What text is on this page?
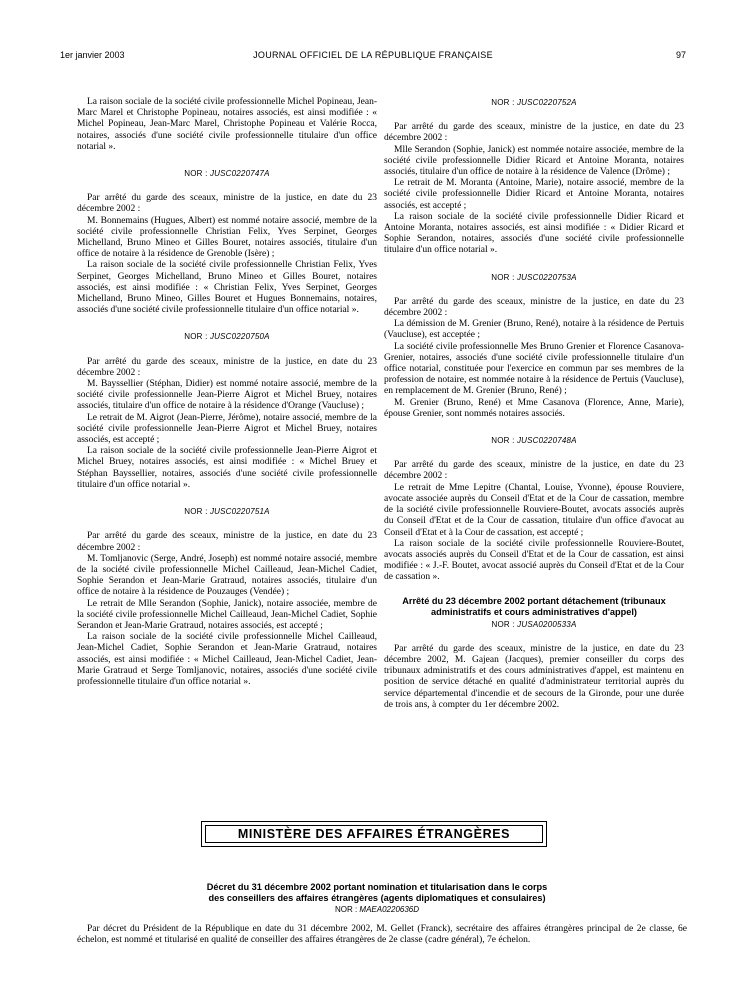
1er janvier 2003	JOURNAL OFFICIEL DE LA RÉPUBLIQUE FRANÇAISE	97

La raison sociale de la société civile professionnelle Michel Popineau, Jean-Marc Marel et Christophe Popineau, notaires associés, est ainsi modifiée : « Michel Popineau, Jean-Marc Marel, Christophe Popineau et Valérie Rocca, notaires, associés d'une société civile professionnelle titulaire d'un office notarial ».

NOR : JUSC0220747A

Par arrêté du garde des sceaux, ministre de la justice, en date du 23 décembre 2002 :

M. Bonnemains (Hugues, Albert) est nommé notaire associé, membre de la société civile professionnelle Christian Felix, Yves Serpinet, Georges Michelland, Bruno Mineo et Gilles Bouret, notaires associés, titulaire d'un office de notaire à la résidence de Grenoble (Isère) ;

La raison sociale de la société civile professionnelle Christian Felix, Yves Serpinet, Georges Michelland, Bruno Mineo et Gilles Bouret, notaires associés, est ainsi modifiée : « Christian Felix, Yves Serpinet, Georges Michelland, Bruno Mineo, Gilles Bouret et Hugues Bonnemains, notaires, associés d'une société civile professionnelle titulaire d'un office notarial ».

NOR : JUSC0220750A

Par arrêté du garde des sceaux, ministre de la justice, en date du 23 décembre 2002 :

M. Bayssellier (Stéphan, Didier) est nommé notaire associé, membre de la société civile professionnelle Jean-Pierre Aigrot et Michel Bruey, notaires associés, titulaire d'un office de notaire à la résidence d'Orange (Vaucluse) ;

Le retrait de M. Aigrot (Jean-Pierre, Jérôme), notaire associé, membre de la société civile professionnelle Jean-Pierre Aigrot et Michel Bruey, notaires associés, est accepté ;

La raison sociale de la société civile professionnelle Jean-Pierre Aigrot et Michel Bruey, notaires associés, est ainsi modifiée : « Michel Bruey et Stéphan Bayssellier, notaires, associés d'une société civile professionnelle titulaire d'un office notarial ».

NOR : JUSC0220751A

Par arrêté du garde des sceaux, ministre de la justice, en date du 23 décembre 2002 :

M. Tomljanovic (Serge, André, Joseph) est nommé notaire associé, membre de la société civile professionnelle Michel Cailleaud, Jean-Michel Cadiet, Sophie Serandon et Jean-Marie Gratraud, notaires associés, titulaire d'un office de notaire à la résidence de Pouzauges (Vendée) ;

Le retrait de Mlle Serandon (Sophie, Janick), notaire associée, membre de la société civile professionnelle Michel Cailleaud, Jean-Michel Cadiet, Sophie Serandon et Jean-Marie Gratraud, notaires associés, est accepté ;

La raison sociale de la société civile professionnelle Michel Cailleaud, Jean-Michel Cadiet, Sophie Serandon et Jean-Marie Gratraud, notaires associés, est ainsi modifiée : « Michel Cailleaud, Jean-Michel Cadiet, Jean-Marie Gratraud et Serge Tomljanovic, notaires, associés d'une société civile professionnelle titulaire d'un office notarial ».

NOR : JUSC0220752A

Par arrêté du garde des sceaux, ministre de la justice, en date du 23 décembre 2002 :

Mlle Serandon (Sophie, Janick) est nommée notaire associée, membre de la société civile professionnelle Didier Ricard et Antoine Moranta, notaires associés, titulaire d'un office de notaire à la résidence de Valence (Drôme) ;

Le retrait de M. Moranta (Antoine, Marie), notaire associé, membre de la société civile professionnelle Didier Ricard et Antoine Moranta, notaires associés, est accepté ;

La raison sociale de la société civile professionnelle Didier Ricard et Antoine Moranta, notaires associés, est ainsi modifiée : « Didier Ricard et Sophie Serandon, notaires, associés d'une société civile professionnelle titulaire d'un office notarial ».

NOR : JUSC0220753A

Par arrêté du garde des sceaux, ministre de la justice, en date du 23 décembre 2002 :

La démission de M. Grenier (Bruno, René), notaire à la résidence de Pertuis (Vaucluse), est acceptée ;

La société civile professionnelle Mes Bruno Grenier et Florence Casanova-Grenier, notaires, associés d'une société civile professionnelle titulaire d'un office notarial, constituée pour l'exercice en commun par ses membres de la profession de notaire, est nommée notaire à la résidence de Pertuis (Vaucluse), en remplacement de M. Grenier (Bruno, René) ;

M. Grenier (Bruno, René) et Mme Casanova (Florence, Anne, Marie), épouse Grenier, sont nommés notaires associés.

NOR : JUSC0220748A

Par arrêté du garde des sceaux, ministre de la justice, en date du 23 décembre 2002 :

Le retrait de Mme Lepitre (Chantal, Louise, Yvonne), épouse Rouviere, avocate associée auprès du Conseil d'Etat et de la Cour de cassation, membre de la société civile professionnelle Rouviere-Boutet, avocats associés auprès du Conseil d'Etat et de la Cour de cassation, titulaire d'un office d'avocat au Conseil d'Etat et à la Cour de cassation, est accepté ;

La raison sociale de la société civile professionnelle Rouviere-Boutet, avocats associés auprès du Conseil d'Etat et de la Cour de cassation, est ainsi modifiée : « J.-F. Boutet, avocat associé auprès du Conseil d'Etat et de la Cour de cassation ».

Arrêté du 23 décembre 2002 portant détachement (tribunaux administratifs et cours administratives d'appel)
NOR : JUSA0200533A

Par arrêté du garde des sceaux, ministre de la justice, en date du 23 décembre 2002, M. Gajean (Jacques), premier conseiller du corps des tribunaux administratifs et des cours administratives d'appel, est maintenu en position de service détaché en qualité d'administrateur territorial auprès du service départemental d'incendie et de secours de la Gironde, pour une durée de trois ans, à compter du 1er décembre 2002.

MINISTÈRE DES AFFAIRES ÉTRANGÈRES
Décret du 31 décembre 2002 portant nomination et titularisation dans le corps
des conseillers des affaires étrangères (agents diplomatiques et consulaires)
NOR : MAEA0220636D

Par décret du Président de la République en date du 31 décembre 2002, M. Gellet (Franck), secrétaire des affaires étrangères principal de 2e classe, 6e échelon, est nommé et titularisé en qualité de conseiller des affaires étrangères de 2e classe (cadre général), 7e échelon.
